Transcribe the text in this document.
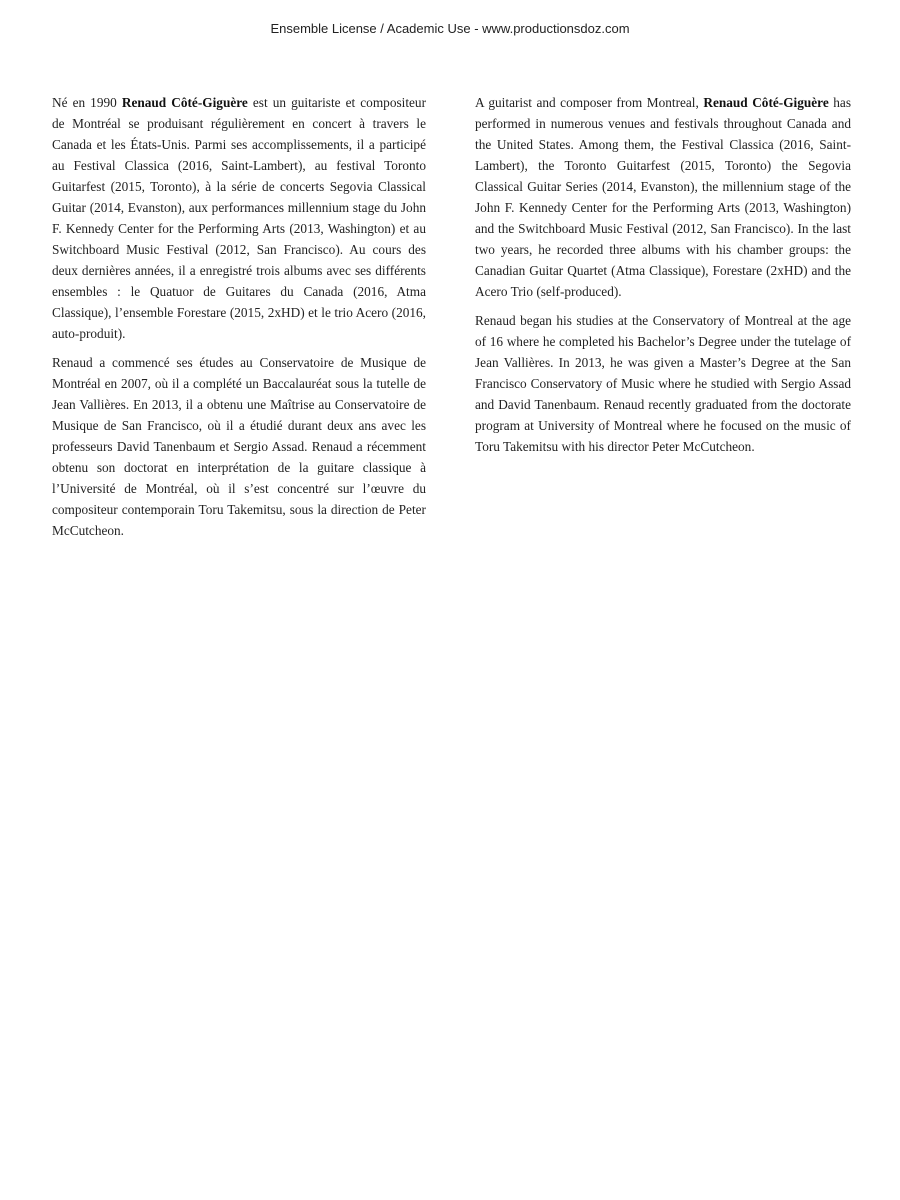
Ensemble License / Academic Use - www.productionsdoz.com

Né en 1990 Renaud Côté-Giguère est un guitariste et compositeur de Montréal se produisant régulièrement en concert à travers le Canada et les États-Unis. Parmi ses accomplissements, il a participé au Festival Classica (2016, Saint-Lambert), au festival Toronto Guitarfest (2015, Toronto), à la série de concerts Segovia Classical Guitar (2014, Evanston), aux performances millennium stage du John F. Kennedy Center for the Performing Arts (2013, Washington) et au Switchboard Music Festival (2012, San Francisco). Au cours des deux dernières années, il a enregistré trois albums avec ses différents ensembles : le Quatuor de Guitares du Canada (2016, Atma Classique), l’ensemble Forestare (2015, 2xHD) et le trio Acero (2016, auto-produit).

Renaud a commencé ses études au Conservatoire de Musique de Montréal en 2007, où il a complété un Baccalauréat sous la tutelle de Jean Vallières. En 2013, il a obtenu une Maîtrise au Conservatoire de Musique de San Francisco, où il a étudié durant deux ans avec les professeurs David Tanenbaum et Sergio Assad. Renaud a récemment obtenu son doctorat en interprétation de la guitare classique à l’Université de Montréal, où il s’est concentré sur l’œuvre du compositeur contemporain Toru Takemitsu, sous la direction de Peter McCutcheon.

A guitarist and composer from Montreal, Renaud Côté-Giguère has performed in numerous venues and festivals throughout Canada and the United States. Among them, the Festival Classica (2016, Saint-Lambert), the Toronto Guitarfest (2015, Toronto) the Segovia Classical Guitar Series (2014, Evanston), the millennium stage of the John F. Kennedy Center for the Performing Arts (2013, Washington) and the Switchboard Music Festival (2012, San Francisco). In the last two years, he recorded three albums with his chamber groups: the Canadian Guitar Quartet (Atma Classique), Forestare (2xHD) and the Acero Trio (self-produced).

Renaud began his studies at the Conservatory of Montreal at the age of 16 where he completed his Bachelor’s Degree under the tutelage of Jean Vallières. In 2013, he was given a Master’s Degree at the San Francisco Conservatory of Music where he studied with Sergio Assad and David Tanenbaum. Renaud recently graduated from the doctorate program at University of Montreal where he focused on the music of Toru Takemitsu with his director Peter McCutcheon.
